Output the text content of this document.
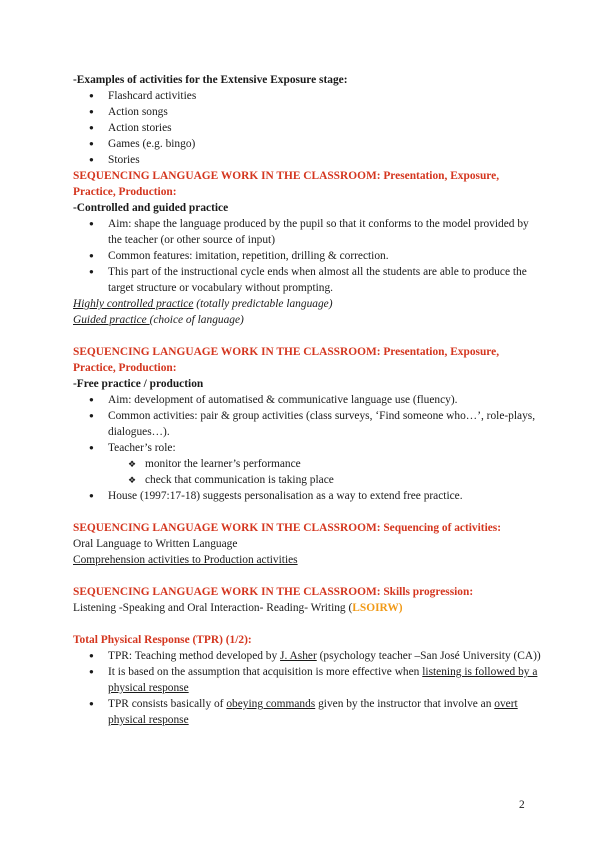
-Examples of activities for the Extensive Exposure stage:

● Flashcard activities
● Action songs
● Action stories
● Games (e.g. bingo)
● Stories

SEQUENCING LANGUAGE WORK IN THE CLASSROOM: Presentation, Exposure, Practice, Production:

-Controlled and guided practice

● Aim: shape the language produced by the pupil so that it conforms to the model provided by the teacher (or other source of input)
● Common features: imitation, repetition, drilling & correction.
● This part of the instructional cycle ends when almost all the students are able to produce the target structure or vocabulary without prompting.

Highly controlled practice (totally predictable language)

Guided practice (choice of language)

SEQUENCING LANGUAGE WORK IN THE CLASSROOM: Presentation, Exposure, Practice, Production:

-Free practice / production

● Aim: development of automatised & communicative language use (fluency).
● Common activities: pair & group activities (class surveys, ‘Find someone who…’, role-plays, dialogues…).
● Teacher’s role:
❖ monitor the learner’s performance
❖ check that communication is taking place
● House (1997:17-18) suggests personalisation as a way to extend free practice.

SEQUENCING LANGUAGE WORK IN THE CLASSROOM: Sequencing of activities:

Oral Language to Written Language

Comprehension activities to Production activities

SEQUENCING LANGUAGE WORK IN THE CLASSROOM: Skills progression:

Listening -Speaking and Oral Interaction- Reading- Writing (LSOIRW)

Total Physical Response (TPR) (1/2):

● TPR: Teaching method developed by J. Asher (psychology teacher –San José University (CA))
● It is based on the assumption that acquisition is more effective when listening is followed by a physical response
● TPR consists basically of obeying commands given by the instructor that involve an overt physical response
2
